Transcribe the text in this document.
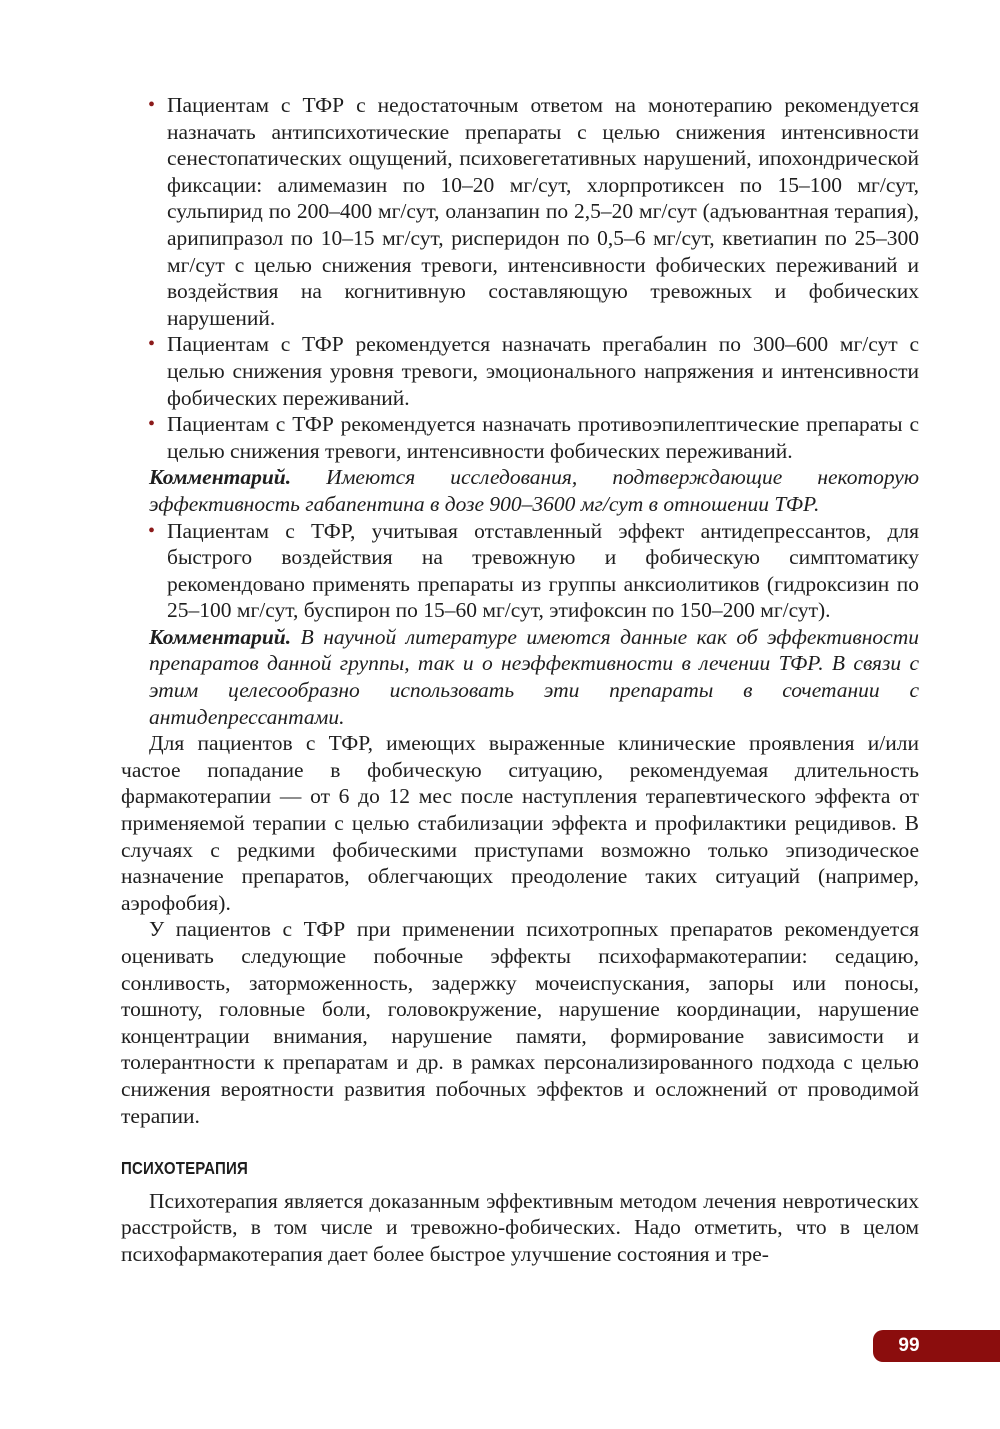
• Пациентам с ТФР с недостаточным ответом на монотерапию рекомендуется назначать антипсихотические препараты с целью снижения интенсивности сенестопатических ощущений, психовегетативных нарушений, ипохондрической фиксации: алимемазин по 10–20 мг/сут, хлорпротиксен по 15–100 мг/сут, сульпирид по 200–400 мг/сут, оланзапин по 2,5–20 мг/сут (адъювантная терапия), арипипразол по 10–15 мг/сут, рисперидон по 0,5–6 мг/сут, кветиапин по 25–300 мг/сут с целью снижения тревоги, интенсивности фобических переживаний и воздействия на когнитивную составляющую тревожных и фобических нарушений.

• Пациентам с ТФР рекомендуется назначать прегабалин по 300–600 мг/сут с целью снижения уровня тревоги, эмоционального напряжения и интенсивности фобических переживаний.

• Пациентам с ТФР рекомендуется назначать противоэпилептические препараты с целью снижения тревоги, интенсивности фобических переживаний.

Комментарий. Имеются исследования, подтверждающие некоторую эффективность габапентина в дозе 900–3600 мг/сут в отношении ТФР.

• Пациентам с ТФР, учитывая отставленный эффект антидепрессантов, для быстрого воздействия на тревожную и фобическую симптоматику рекомендовано применять препараты из группы анксиолитиков (гидроксизин по 25–100 мг/сут, буспирон по 15–60 мг/сут, этифоксин по 150–200 мг/сут).

Комментарий. В научной литературе имеются данные как об эффективности препаратов данной группы, так и о неэффективности в лечении ТФР. В связи с этим целесообразно использовать эти препараты в сочетании с антидепрессантами.

Для пациентов с ТФР, имеющих выраженные клинические проявления и/или частое попадание в фобическую ситуацию, рекомендуемая длительность фармакотерапии — от 6 до 12 мес после наступления терапевтического эффекта от применяемой терапии с целью стабилизации эффекта и профилактики рецидивов. В случаях с редкими фобическими приступами возможно только эпизодическое назначение препаратов, облегчающих преодоление таких ситуаций (например, аэрофобия).

У пациентов с ТФР при применении психотропных препаратов рекомендуется оценивать следующие побочные эффекты психофармакотерапии: седацию, сонливость, заторможенность, задержку мочеиспускания, запоры или поносы, тошноту, головные боли, головокружение, нарушение координации, нарушение концентрации внимания, нарушение памяти, формирование зависимости и толерантности к препаратам и др. в рамках персонализированного подхода с целью снижения вероятности развития побочных эффектов и осложнений от проводимой терапии.

ПСИХОТЕРАПИЯ

Психотерапия является доказанным эффективным методом лечения невротических расстройств, в том числе и тревожно-фобических. Надо отметить, что в целом психофармакотерапия дает более быстрое улучшение состояния и тре-

99
